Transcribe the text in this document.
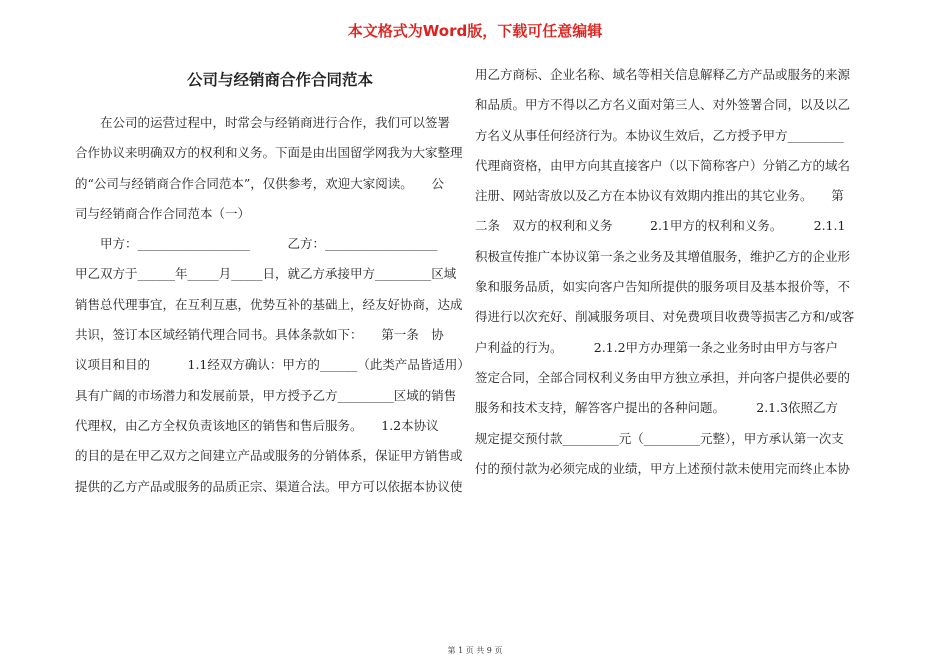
本文格式为Word版，下载可任意编辑
公司与经销商合作合同范本
　　在公司的运营过程中，时常会与经销商进行合作，我们可以签署
合作协议来明确双方的权利和义务。下面是由出国留学网我为大家整理
的“公司与经销商合作合同范本”，仅供参考，欢迎大家阅读。　　公
司与经销商合作合同范本（一）
　　甲方：__________________　　　乙方：__________________
甲乙双方于______年_____月_____日，就乙方承接甲方_________区域
销售总代理事宜，在互利互惠，优势互补的基础上，经友好协商，达成
共识，签订本区域经销代理合同书。具体条款如下：　　第一条　协
议项目和目的　　　1.1经双方确认：甲方的______（此类产品皆适用）
具有广阔的市场潜力和发展前景，甲方授予乙方_________区域的销售
代理权，由乙方全权负责该地区的销售和售后服务。　　1.2本协议
的目的是在甲乙双方之间建立产品或服务的分销体系，保证甲方销售或
提供的乙方产品或服务的品质正宗、渠道合法。甲方可以依据本协议使
用乙方商标、企业名称、域名等相关信息解释乙方产品或服务的来源
和品质。甲方不得以乙方名义面对第三人、对外签署合同，以及以乙
方名义从事任何经济行为。本协议生效后，乙方授予甲方_________
代理商资格，由甲方向其直接客户（以下简称客户）分销乙方的域名
注册、网站寄放以及乙方在本协议有效期内推出的其它业务。　　第
二条　双方的权利和义务　　　2.1甲方的权利和义务。　　　2.1.1
积极宣传推广本协议第一条之业务及其增值服务，维护乙方的企业形
象和服务品质，如实向客户告知所提供的服务项目及基本报价等，不
得进行以次充好、削减服务项目、对免费项目收费等损害乙方和/或客
户利益的行为。　　　2.1.2甲方办理第一条之业务时由甲方与客户
签定合同，全部合同权利义务由甲方独立承担，并向客户提供必要的
服务和技术支持，解答客户提出的各种问题。　　　2.1.3依照乙方
规定提交预付款_________元（_________元整），甲方承认第一次支
付的预付款为必须完成的业绩，甲方上述预付款未使用完而终止本协
第 1 页 共 9 页
